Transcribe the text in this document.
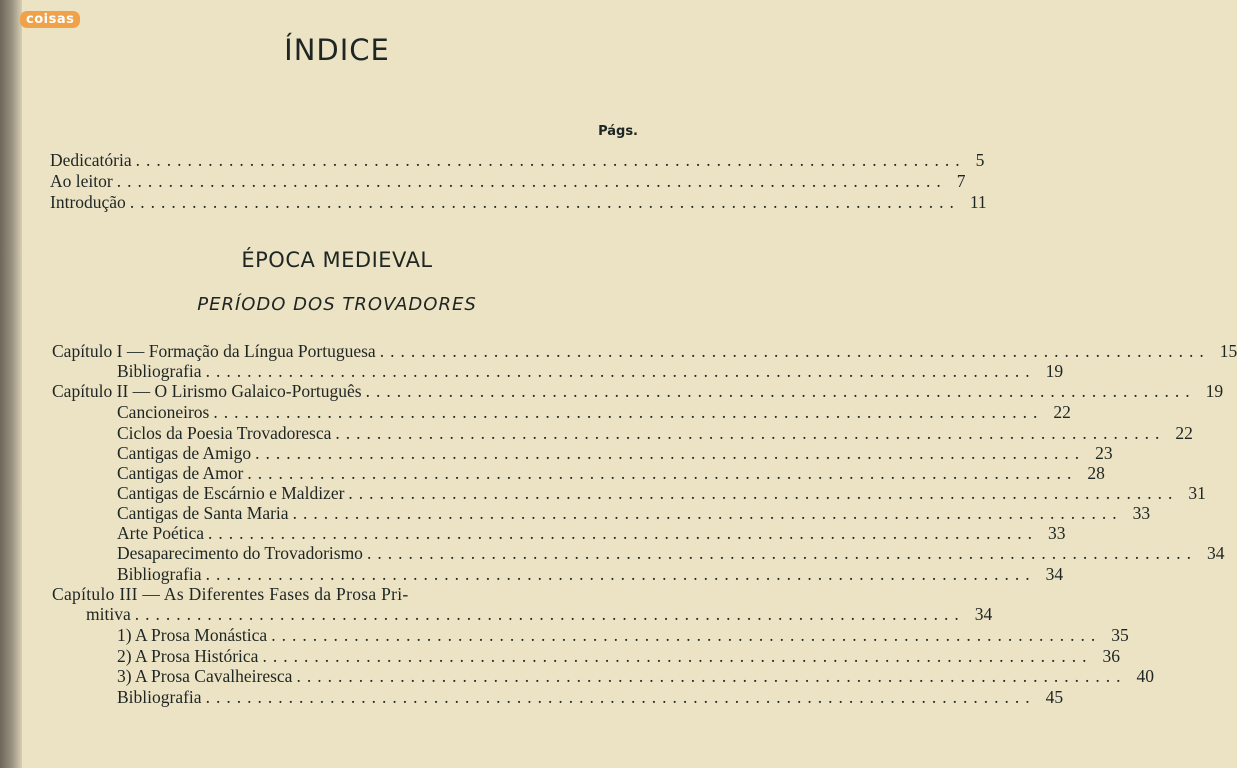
coisas
ÍNDICE
Págs.
Dedicatória ................................................................................ 5
Ao leitor ................................................................................ 7
Introdução ................................................................................ 11
ÉPOCA MEDIEVAL
PERÍODO DOS TROVADORES
Capítulo I — Formação da Língua Portuguesa ................................................................................ 15
Bibliografia ................................................................................ 19
Capítulo II — O Lirismo Galaico-Português ................................................................................ 19
Cancioneiros ................................................................................ 22
Ciclos da Poesia Trovadoresca ................................................................................ 22
Cantigas de Amigo ................................................................................ 23
Cantigas de Amor ................................................................................ 28
Cantigas de Escárnio e Maldizer ................................................................................ 31
Cantigas de Santa Maria ................................................................................ 33
Arte Poética ................................................................................ 33
Desaparecimento do Trovadorismo ................................................................................ 34
Bibliografia ................................................................................ 34
Capítulo III — As Diferentes Fases da Prosa Pri-
mitiva ................................................................................ 34
1) A Prosa Monástica ................................................................................ 35
2) A Prosa Histórica ................................................................................ 36
3) A Prosa Cavalheiresca ................................................................................ 40
Bibliografia ................................................................................ 45
